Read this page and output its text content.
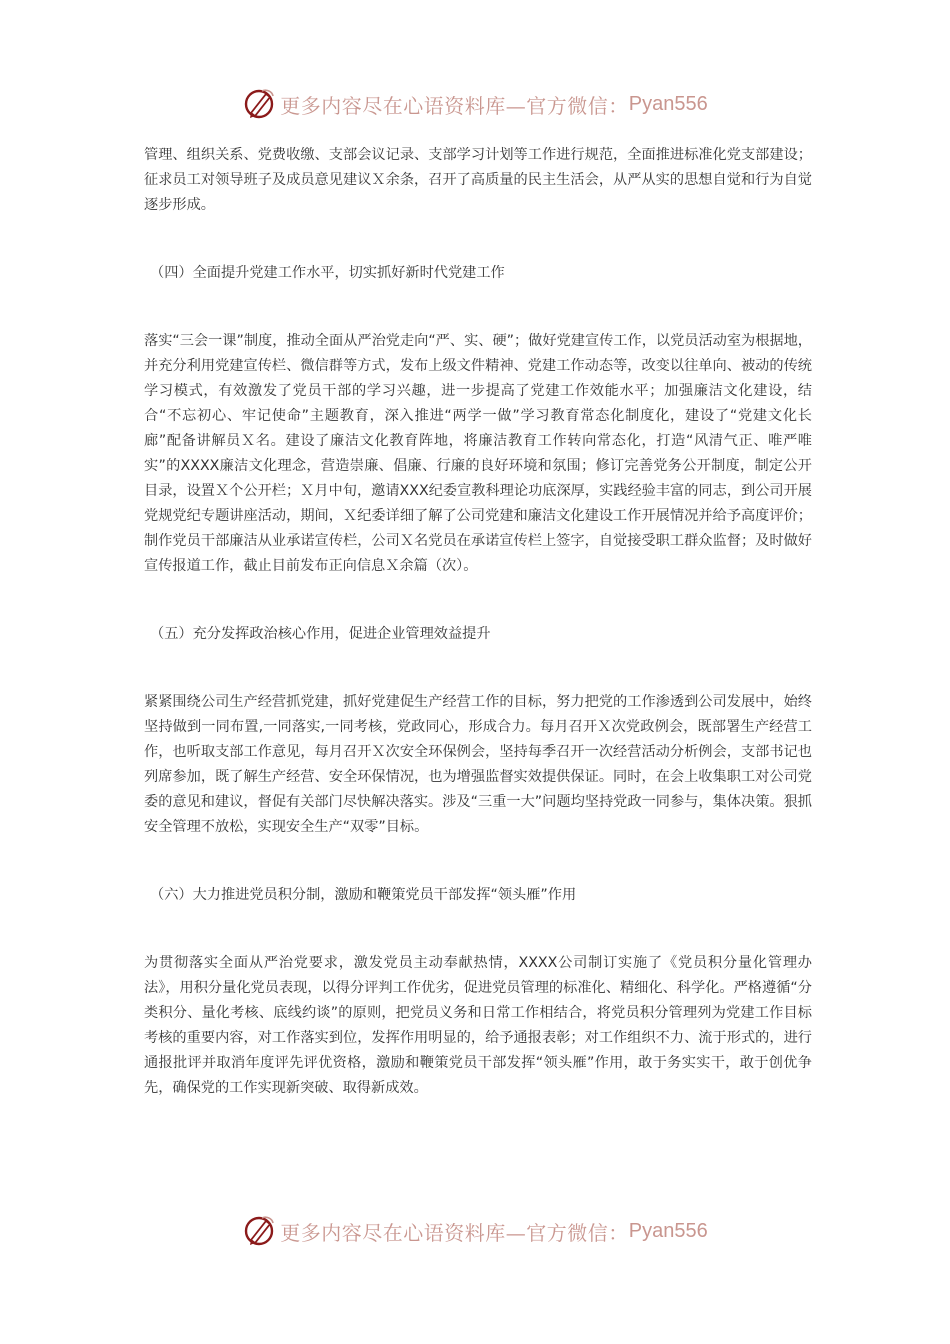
更多内容尽在心语资料库—官方微信： Pyan556

管理、组织关系、党费收缴、支部会议记录、支部学习计划等工作进行规范，全面推进标准化党支部建设；征求员工对领导班子及成员意见建议Ｘ余条，召开了高质量的民主生活会，从严从实的思想自觉和行为自觉逐步形成。

（四）全面提升党建工作水平，切实抓好新时代党建工作

落实“三会一课”制度，推动全面从严治党走向“严、实、硬”；做好党建宣传工作，以党员活动室为根据地，并充分利用党建宣传栏、微信群等方式，发布上级文件精神、党建工作动态等，改变以往单向、被动的传统学习模式，有效激发了党员干部的学习兴趣，进一步提高了党建工作效能水平；加强廉洁文化建设，结合“不忘初心、牢记使命”主题教育，深入推进“两学一做”学习教育常态化制度化，建设了“党建文化长廊”配备讲解员Ｘ名。建设了廉洁文化教育阵地，将廉洁教育工作转向常态化，打造“风清气正、唯严唯实”的XXXX廉洁文化理念，营造崇廉、倡廉、行廉的良好环境和氛围；修订完善党务公开制度，制定公开目录，设置Ｘ个公开栏；Ｘ月中旬，邀请XXX纪委宣教科理论功底深厚，实践经验丰富的同志，到公司开展党规党纪专题讲座活动，期间，Ｘ纪委详细了解了公司党建和廉洁文化建设工作开展情况并给予高度评价；制作党员干部廉洁从业承诺宣传栏，公司Ｘ名党员在承诺宣传栏上签字，自觉接受职工群众监督；及时做好宣传报道工作，截止目前发布正向信息Ｘ余篇（次）。

（五）充分发挥政治核心作用，促进企业管理效益提升

紧紧围绕公司生产经营抓党建，抓好党建促生产经营工作的目标，努力把党的工作渗透到公司发展中，始终坚持做到一同布置,一同落实,一同考核，党政同心，形成合力。每月召开Ｘ次党政例会，既部署生产经营工作，也听取支部工作意见，每月召开Ｘ次安全环保例会，坚持每季召开一次经营活动分析例会，支部书记也列席参加，既了解生产经营、安全环保情况，也为增强监督实效提供保证。同时，在会上收集职工对公司党委的意见和建议，督促有关部门尽快解决落实。涉及“三重一大”问题均坚持党政一同参与，集体决策。狠抓安全管理不放松，实现安全生产“双零”目标。

（六）大力推进党员积分制，激励和鞭策党员干部发挥“领头雁”作用

为贯彻落实全面从严治党要求，激发党员主动奉献热情，XXXX公司制订实施了《党员积分量化管理办法》，用积分量化党员表现，以得分评判工作优劣，促进党员管理的标准化、精细化、科学化。严格遵循“分类积分、量化考核、底线约谈”的原则，把党员义务和日常工作相结合，将党员积分管理列为党建工作目标考核的重要内容，对工作落实到位，发挥作用明显的，给予通报表彰；对工作组织不力、流于形式的，进行通报批评并取消年度评先评优资格，激励和鞭策党员干部发挥“领头雁”作用，敢于务实实干，敢于创优争先，确保党的工作实现新突破、取得新成效。

更多内容尽在心语资料库—官方微信： Pyan556
